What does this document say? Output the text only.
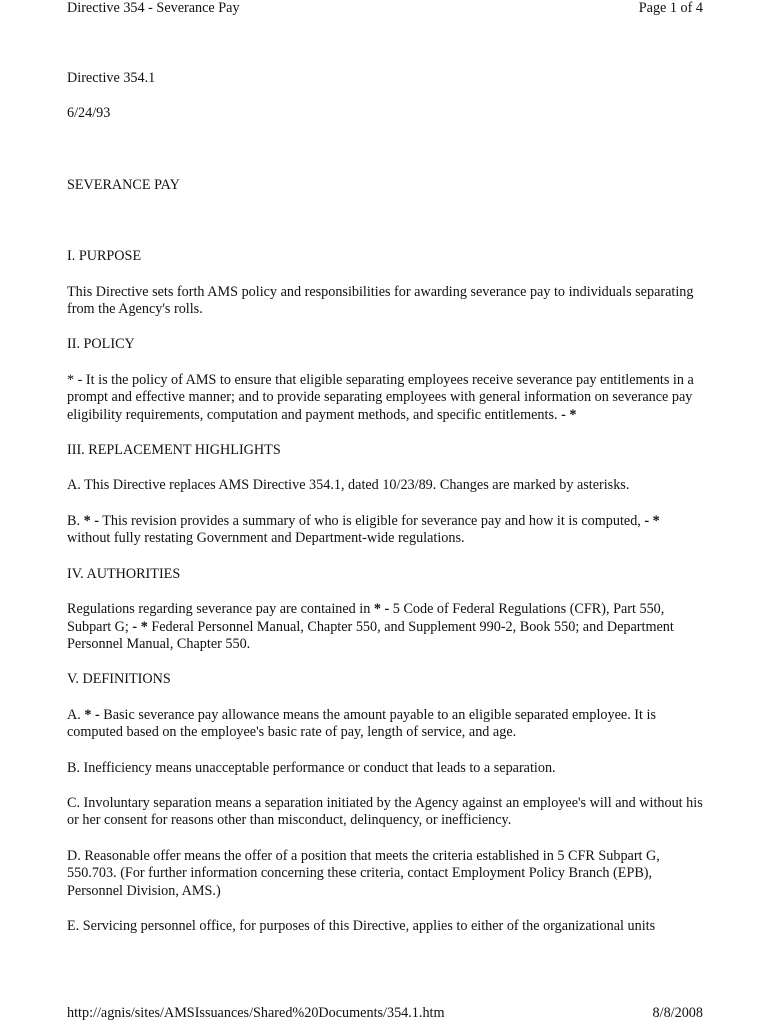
Directive 354 - Severance Pay	Page 1 of 4

Directive 354.1

6/24/93

SEVERANCE PAY

I. PURPOSE

This Directive sets forth AMS policy and responsibilities for awarding severance pay to individuals separating from the Agency's rolls.

II. POLICY

* - It is the policy of AMS to ensure that eligible separating employees receive severance pay entitlements in a prompt and effective manner; and to provide separating employees with general information on severance pay eligibility requirements, computation and payment methods, and specific entitlements. - *

III. REPLACEMENT HIGHLIGHTS

A. This Directive replaces AMS Directive 354.1, dated 10/23/89. Changes are marked by asterisks.

B. * - This revision provides a summary of who is eligible for severance pay and how it is computed, - * without fully restating Government and Department-wide regulations.

IV. AUTHORITIES

Regulations regarding severance pay are contained in * - 5 Code of Federal Regulations (CFR), Part 550, Subpart G; - * Federal Personnel Manual, Chapter 550, and Supplement 990-2, Book 550; and Department Personnel Manual, Chapter 550.

V. DEFINITIONS

A. * - Basic severance pay allowance means the amount payable to an eligible separated employee. It is computed based on the employee's basic rate of pay, length of service, and age.

B. Inefficiency means unacceptable performance or conduct that leads to a separation.

C. Involuntary separation means a separation initiated by the Agency against an employee's will and without his or her consent for reasons other than misconduct, delinquency, or inefficiency.

D. Reasonable offer means the offer of a position that meets the criteria established in 5 CFR Subpart G, 550.703. (For further information concerning these criteria, contact Employment Policy Branch (EPB), Personnel Division, AMS.)

E. Servicing personnel office, for purposes of this Directive, applies to either of the organizational units

http://agnis/sites/AMSIssuances/Shared%20Documents/354.1.htm	8/8/2008
